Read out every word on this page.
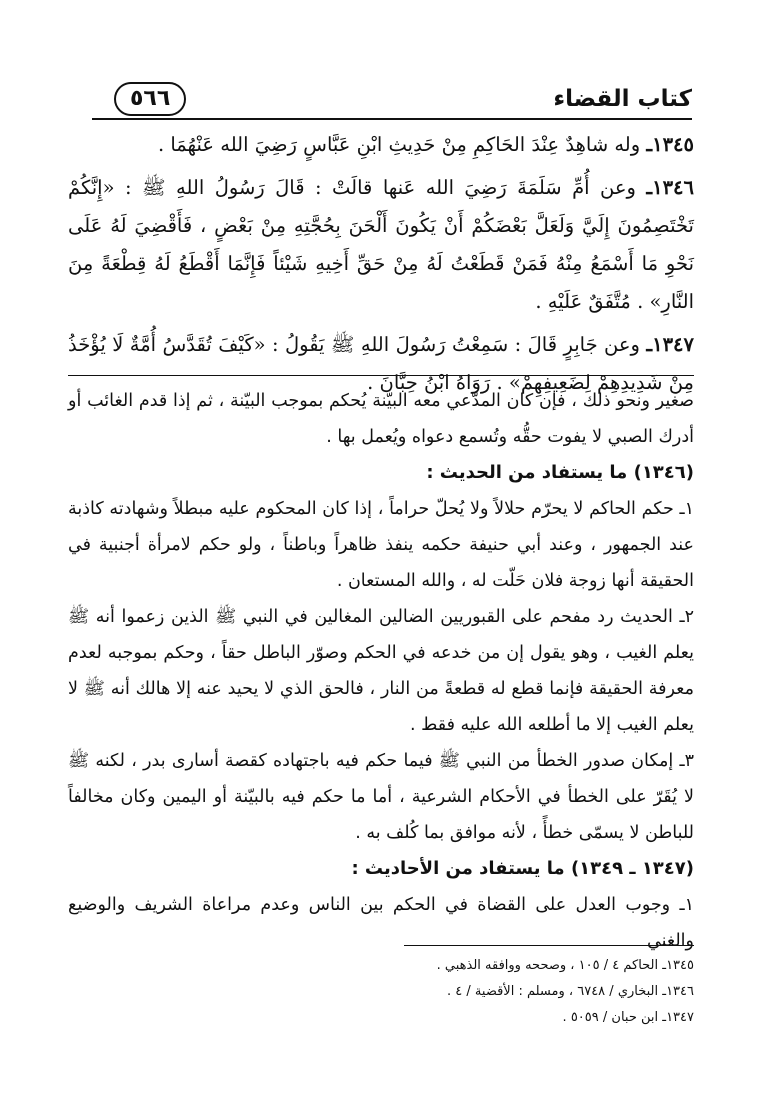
كتاب القضاء
٥٦٦

١٣٤٥ـ وله شاهِدٌ عِنْدَ الحَاكِمِ مِنْ حَدِيثِ ابْنِ عَبَّاسٍ رَضِيَ الله عَنْهُمَا .

١٣٤٦ـ وعن أُمِّ سَلَمَةَ رَضِيَ الله عَنها قالَتْ : قَالَ رَسُولُ اللهِ ﷺ : «إِنَّكُمْ تَخْتَصِمُونَ إِلَيَّ وَلَعَلَّ بَعْضَكُمْ أَنْ يَكُونَ أَلْحَنَ بِحُجَّتِهِ مِنْ بَعْضٍ ، فَأَقْضِيَ لَهُ عَلَى نَحْوِ مَا أَسْمَعُ مِنْهُ فَمَنْ قَطَعْتُ لَهُ مِنْ حَقِّ أَخِيهِ شَيْئاً فَإِنَّمَا أَقْطَعُ لَهُ قِطْعَةً مِنَ النَّارِ» . مُتَّفَقٌ عَلَيْهِ .

١٣٤٧ـ وعن جَابِرٍ قَالَ : سَمِعْتُ رَسُولَ اللهِ ﷺ يَقُولُ : «كَيْفَ تُقَدَّسُ أُمَّةٌ لَا يُؤْخَذُ مِنْ شَدِيدِهِمْ لِضَعِيفِهِمْ» . رَوَاهُ ابْنُ حِبَّانَ .

صغير ونحو ذلك ، فإن كان المدّعي معه البيّنة يُحكم بموجب البيّنة ، ثم إذا قدم الغائب أو أدرك الصبي لا يفوت حقُّه وتُسمع دعواه ويُعمل بها .

(١٣٤٦) ما يستفاد من الحديث :

١ـ حكم الحاكم لا يحرّم حلالاً ولا يُحلّ حراماً ، إذا كان المحكوم عليه مبطلاً وشهادته كاذبة عند الجمهور ، وعند أبي حنيفة حكمه ينفذ ظاهراً وباطناً ، ولو حكم لامرأة أجنبية في الحقيقة أنها زوجة فلان حَلّت له ، والله المستعان .

٢ـ الحديث رد مفحم على القبوريين الضالين المغالين في النبي ﷺ الذين زعموا أنه ﷺ يعلم الغيب ، وهو يقول إن من خدعه في الحكم وصوّر الباطل حقاً ، وحكم بموجبه لعدم معرفة الحقيقة فإنما قطع له قطعةً من النار ، فالحق الذي لا يحيد عنه إلا هالك أنه ﷺ لا يعلم الغيب إلا ما أطلعه الله عليه فقط .

٣ـ إمكان صدور الخطأ من النبي ﷺ فيما حكم فيه باجتهاده كقصة أسارى بدر ، لكنه ﷺ لا يُقَرّ على الخطأ في الأحكام الشرعية ، أما ما حكم فيه بالبيّنة أو اليمين وكان مخالفاً للباطن لا يسمّى خطأً ، لأنه موافق بما كُلف به .

(١٣٤٧ ـ ١٣٤٩) ما يستفاد من الأحاديث :

١ـ وجوب العدل على القضاة في الحكم بين الناس وعدم مراعاة الشريف والوضيع والغني

١٣٤٥ـ الحاكم ٤ / ١٠٥ ، وصححه ووافقه الذهبي .
١٣٤٦ـ البخاري / ٦٧٤٨ ، ومسلم : الأقضية / ٤ .
١٣٤٧ـ ابن حبان / ٥٠٥٩ .
